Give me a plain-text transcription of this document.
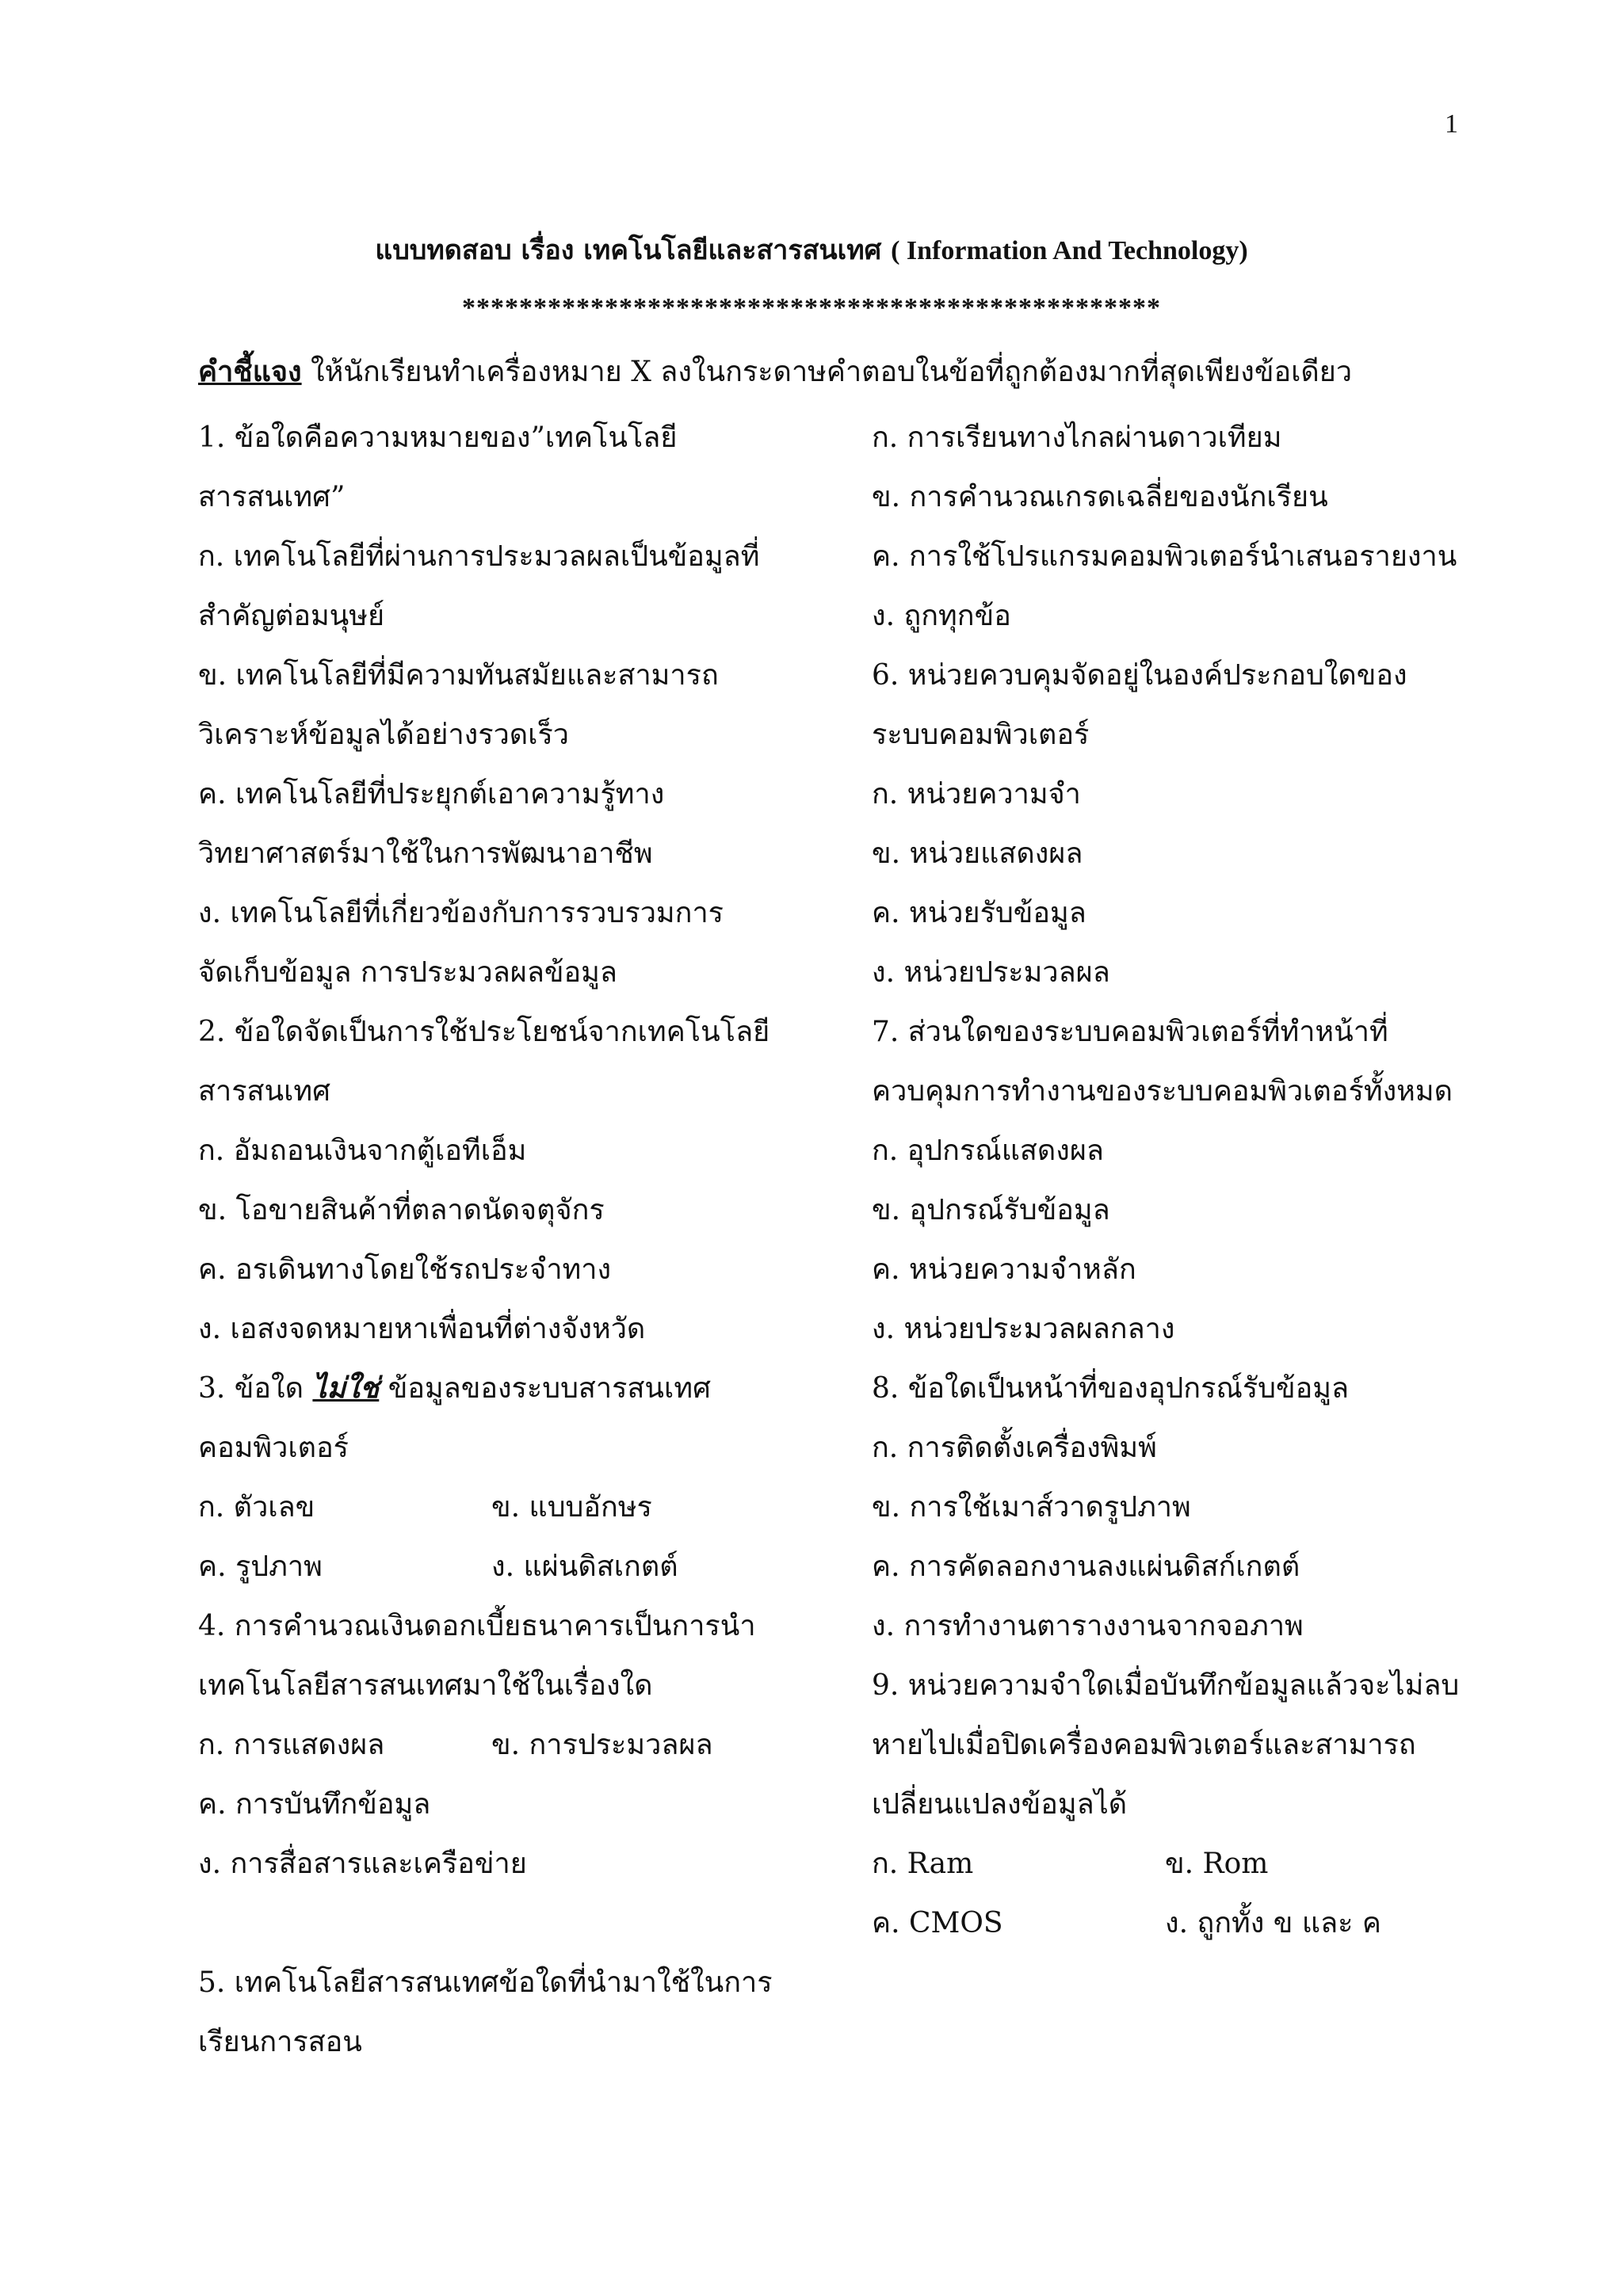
1
แบบทดสอบ เรื่อง เทคโนโลยีและสารสนเทศ ( Information And Technology)
*************************************************
คำชี้แจง ให้นักเรียนทำเครื่องหมาย X ลงในกระดาษคำตอบในข้อที่ถูกต้องมากที่สุดเพียงข้อเดียว
1. ข้อใดคือความหมายของ”เทคโนโลยี
สารสนเทศ”
ก. เทคโนโลยีที่ผ่านการประมวลผลเป็นข้อมูลที่
สำคัญต่อมนุษย์
ข. เทคโนโลยีที่มีความทันสมัยและสามารถ
วิเคราะห์ข้อมูลได้อย่างรวดเร็ว
ค. เทคโนโลยีที่ประยุกต์เอาความรู้ทาง
วิทยาศาสตร์มาใช้ในการพัฒนาอาชีพ
ง. เทคโนโลยีที่เกี่ยวข้องกับการรวบรวมการ
จัดเก็บข้อมูล การประมวลผลข้อมูล
2. ข้อใดจัดเป็นการใช้ประโยชน์จากเทคโนโลยี
สารสนเทศ
ก. อัมถอนเงินจากตู้เอทีเอ็ม
ข. โอขายสินค้าที่ตลาดนัดจตุจักร
ค. อรเดินทางโดยใช้รถประจำทาง
ง. เอสงจดหมายหาเพื่อนที่ต่างจังหวัด
3. ข้อใด ไม่ใช่ ข้อมูลของระบบสารสนเทศ
คอมพิวเตอร์
ก. ตัวเลข	ข. แบบอักษร
ค. รูปภาพ	ง. แผ่นดิสเกตต์
4. การคำนวณเงินดอกเบี้ยธนาคารเป็นการนำ
เทคโนโลยีสารสนเทศมาใช้ในเรื่องใด
ก. การแสดงผล	ข. การประมวลผล
ค. การบันทึกข้อมูล
ง. การสื่อสารและเครือข่าย
5. เทคโนโลยีสารสนเทศข้อใดที่นำมาใช้ในการ
เรียนการสอน
ก. การเรียนทางไกลผ่านดาวเทียม
ข. การคำนวณเกรดเฉลี่ยของนักเรียน
ค. การใช้โปรแกรมคอมพิวเตอร์นำเสนอรายงาน
ง. ถูกทุกข้อ
6. หน่วยควบคุมจัดอยู่ในองค์ประกอบใดของ
ระบบคอมพิวเตอร์
ก. หน่วยความจำ
ข. หน่วยแสดงผล
ค. หน่วยรับข้อมูล
ง. หน่วยประมวลผล
7. ส่วนใดของระบบคอมพิวเตอร์ที่ทำหน้าที่
ควบคุมการทำงานของระบบคอมพิวเตอร์ทั้งหมด
ก. อุปกรณ์แสดงผล
ข. อุปกรณ์รับข้อมูล
ค. หน่วยความจำหลัก
ง. หน่วยประมวลผลกลาง
8. ข้อใดเป็นหน้าที่ของอุปกรณ์รับข้อมูล
ก. การติดตั้งเครื่องพิมพ์
ข. การใช้เมาส์วาดรูปภาพ
ค. การคัดลอกงานลงแผ่นดิสก์เกตต์
ง. การทำงานตารางงานจากจอภาพ
9. หน่วยความจำใดเมื่อบันทึกข้อมูลแล้วจะไม่ลบ
หายไปเมื่อปิดเครื่องคอมพิวเตอร์และสามารถ
เปลี่ยนแปลงข้อมูลได้
ก. Ram	ข. Rom
ค. CMOS	ง. ถูกทั้ง ข และ ค
